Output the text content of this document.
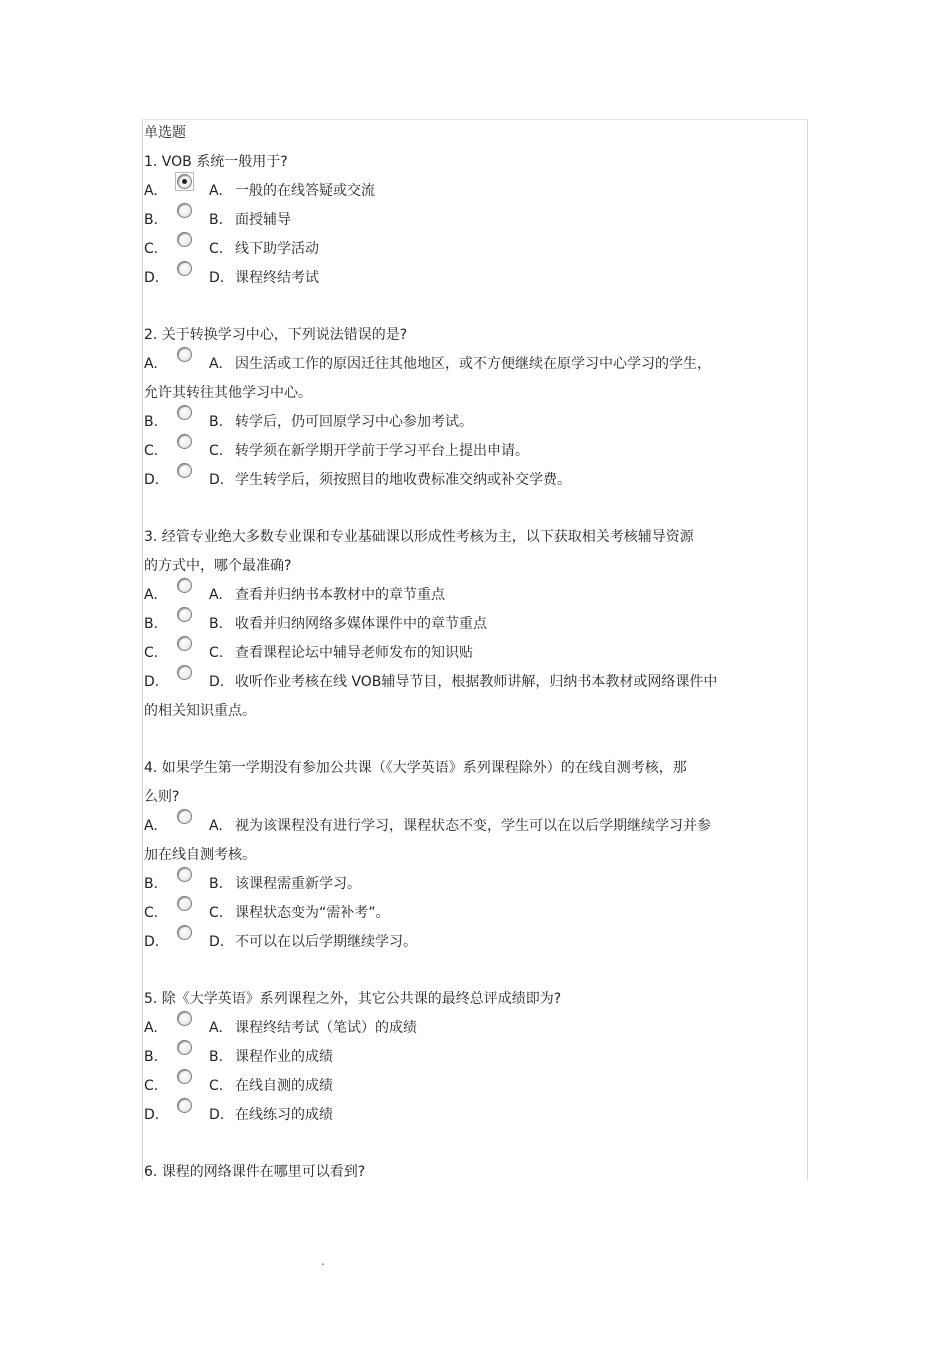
单选题
1. VOB 系统一般用于?
A.	A. 一般的在线答疑或交流
B.	B. 面授辅导
C.	C. 线下助学活动
D.	D. 课程终结考试
2. 关于转换学习中心，下列说法错误的是?
A.	A. 因生活或工作的原因迁往其他地区，或不方便继续在原学习中心学习的学生，
允许其转往其他学习中心。
B.	B. 转学后，仍可回原学习中心参加考试。
C.	C. 转学须在新学期开学前于学习平台上提出申请。
D.	D. 学生转学后，须按照目的地收费标准交纳或补交学费。
3. 经管专业绝大多数专业课和专业基础课以形成性考核为主，以下获取相关考核辅导资源
的方式中，哪个最准确?
A.	A. 查看并归纳书本教材中的章节重点
B.	B. 收看并归纳网络多媒体课件中的章节重点
C.	C. 查看课程论坛中辅导老师发布的知识贴
D.	D. 收听作业考核在线 VOB辅导节目，根据教师讲解，归纳书本教材或网络课件中
的相关知识重点。
4. 如果学生第一学期没有参加公共课（《大学英语》系列课程除外）的在线自测考核，那
么则?
A.	A. 视为该课程没有进行学习，课程状态不变，学生可以在以后学期继续学习并参
加在线自测考核。
B.	B. 该课程需重新学习。
C.	C. 课程状态变为“需补考”。
D.	D. 不可以在以后学期继续学习。
5. 除《大学英语》系列课程之外，其它公共课的最终总评成绩即为?
A.	A. 课程终结考试（笔试）的成绩
B.	B. 课程作业的成绩
C.	C. 在线自测的成绩
D.	D. 在线练习的成绩
6. 课程的网络课件在哪里可以看到?
.
